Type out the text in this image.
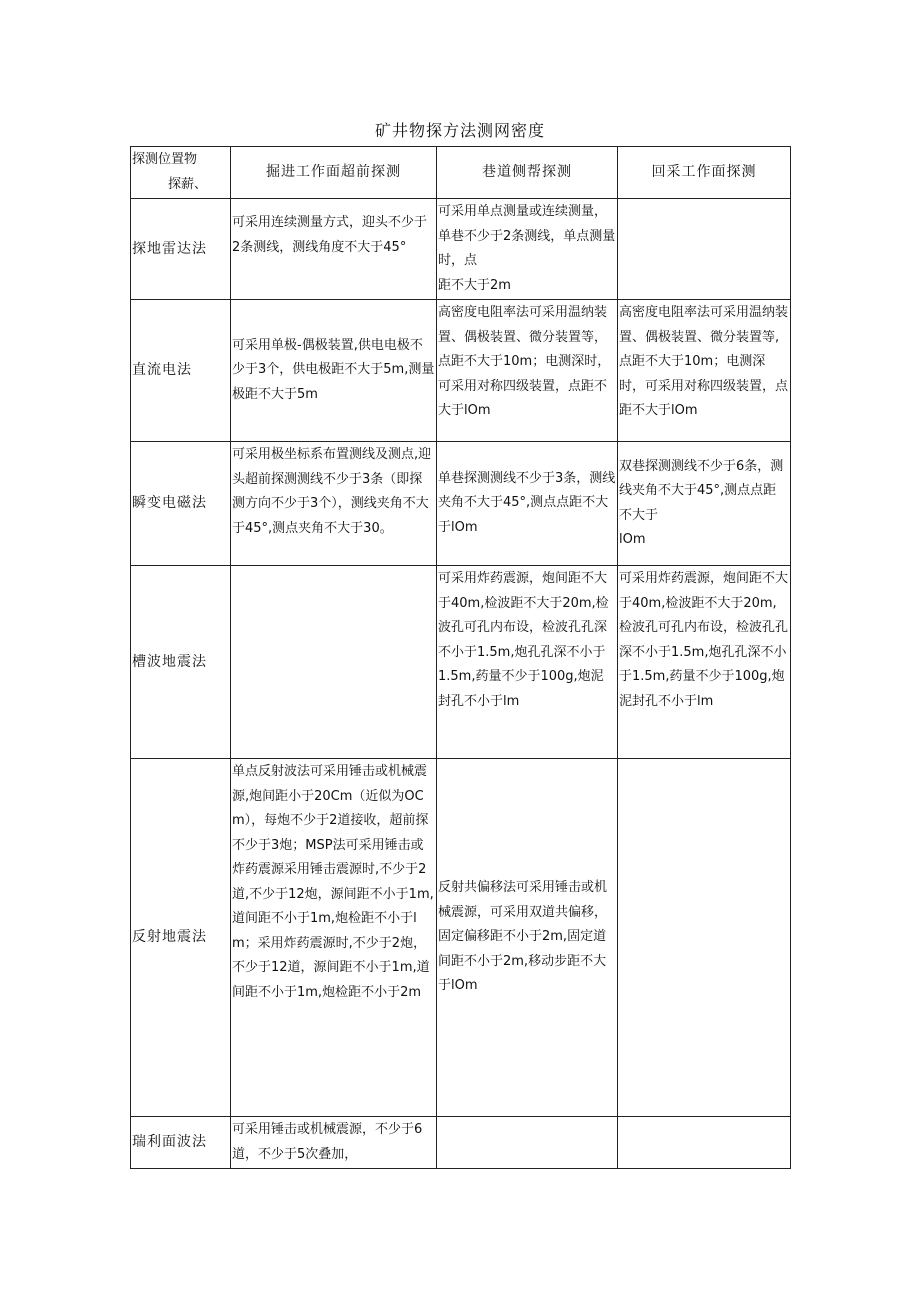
矿井物探方法测网密度
探测位置物
探薪、	掘进工作面超前探测	巷道侧帮探测	回采工作面探测
探地雷达法	可采用连续测量方式，迎头不少于2条测线，测线角度不大于45°	可采用单点测量或连续测量，单巷不少于2条测线，单点测量时，点
距不大于2m	

直流电法	可采用单极-偶极装置,供电电极不少于3个，供电极距不大于5m,测量极距不大于5m	高密度电阻率法可采用温纳装置、偶极装置、微分装置等，点距不大于10m；电测深时，可采用对称四级装置，点距不大于lOm	高密度电阻率法可采用温纳装置、偶极装置、微分装置等,点距不大于10m；电测深时，可采用对称四级装置，点距不大于lOm
瞬变电磁法	可采用极坐标系布置测线及测点,迎头超前探测测线不少于3条（即探测方向不少于3个），测线夹角不大于45°,测点夹角不大于30。	单巷探测测线不少于3条，测线夹角不大于45°,测点点距不大于lOm	双巷探测测线不少于6条，测线夹角不大于45°,测点点距不大于
lOm

槽波地震法		可采用炸药震源，炮间距不大于40m,检波距不大于20m,检波孔可孔内布设，检波孔孔深不小于1.5m,炮孔孔深不小于1.5m,药量不少于100g,炮泥封孔不小于lm	可采用炸药震源，炮间距不大于40m,检波距不大于20m,检波孔可孔内布设，检波孔孔深不小于1.5m,炮孔孔深不小于1.5m,药量不少于100g,炮泥封孔不小于lm
反射地震法	单点反射波法可采用锤击或机械震源,炮间距小于20Cm（近似为OCm），每炮不少于2道接收，超前探不少于3炮；MSP法可采用锤击或炸药震源采用锤击震源时,不少于2道,不少于12炮，源间距不小于1m,道间距不小于1m,炮检距不小于lm；采用炸药震源时,不少于2炮，不少于12道，源间距不小于1m,道间距不小于1m,炮检距不小于2m	反射共偏移法可采用锤击或机械震源，可采用双道共偏移，固定偏移距不小于2m,固定道间距不小于2m,移动步距不大于lOm	
瑞利面波法	可采用锤击或机械震源，不少于6道，不少于5次叠加，		
